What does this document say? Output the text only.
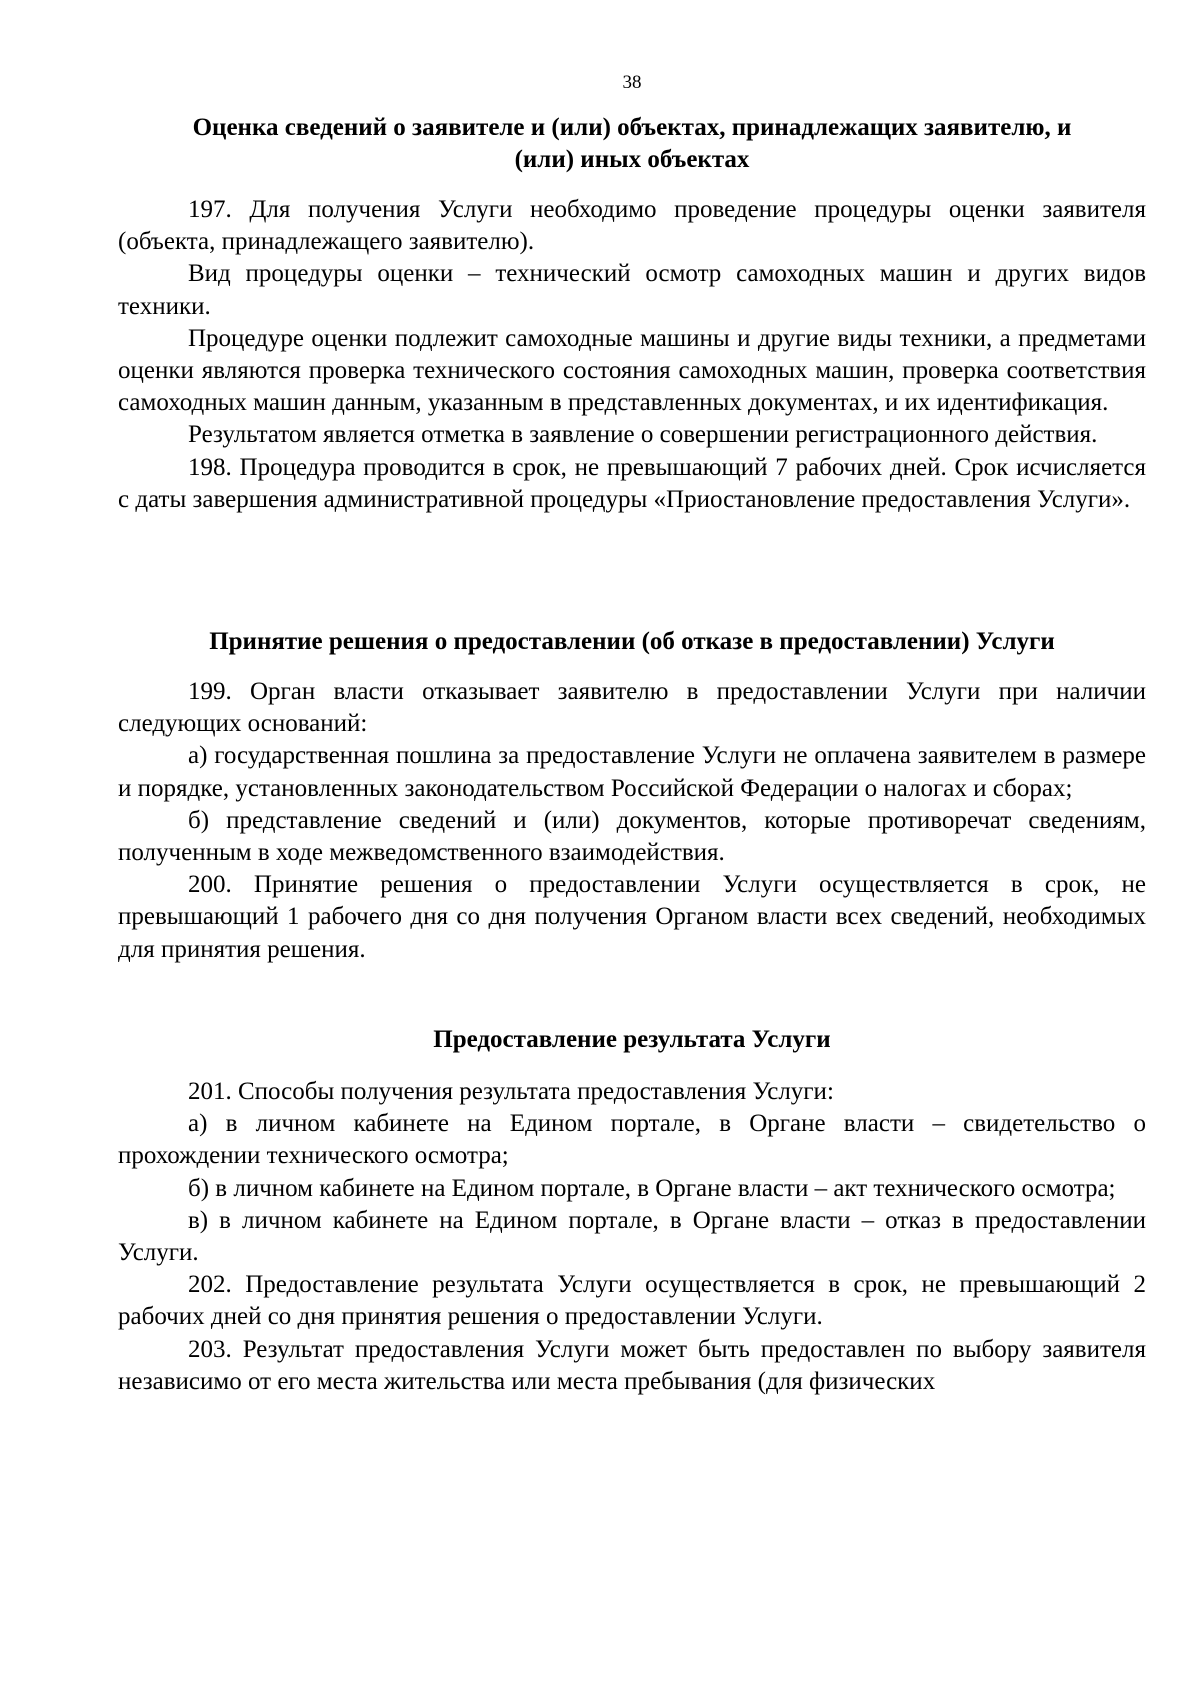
38
Оценка сведений о заявителе и (или) объектах, принадлежащих заявителю, и
(или) иных объектах

197. Для получения Услуги необходимо проведение процедуры оценки заявителя (объекта, принадлежащего заявителю).

Вид процедуры оценки – технический осмотр самоходных машин и других видов техники.

Процедуре оценки подлежит самоходные машины и другие виды техники, а предметами оценки являются проверка технического состояния самоходных машин, проверка соответствия самоходных машин данным, указанным в представленных документах, и их идентификация.

Результатом является отметка в заявление о совершении регистрационного действия.

198. Процедура проводится в срок, не превышающий 7 рабочих дней. Срок исчисляется с даты завершения административной процедуры «Приостановление предоставления Услуги».

Принятие решения о предоставлении (об отказе в предоставлении) Услуги

199. Орган власти отказывает заявителю в предоставлении Услуги при наличии следующих оснований:

а) государственная пошлина за предоставление Услуги не оплачена заявителем в размере и порядке, установленных законодательством Российской Федерации о налогах и сборах;

б) представление сведений и (или) документов, которые противоречат сведениям, полученным в ходе межведомственного взаимодействия.

200. Принятие решения о предоставлении Услуги осуществляется в срок, не превышающий 1 рабочего дня со дня получения Органом власти всех сведений, необходимых для принятия решения.

Предоставление результата Услуги

201. Способы получения результата предоставления Услуги:

а) в личном кабинете на Едином портале, в Органе власти – свидетельство о прохождении технического осмотра;

б) в личном кабинете на Едином портале, в Органе власти – акт технического осмотра;

в) в личном кабинете на Едином портале, в Органе власти – отказ в предоставлении Услуги.

202. Предоставление результата Услуги осуществляется в срок, не превышающий 2 рабочих дней со дня принятия решения о предоставлении Услуги.

203. Результат предоставления Услуги может быть предоставлен по выбору заявителя независимо от его места жительства или места пребывания (для физических
